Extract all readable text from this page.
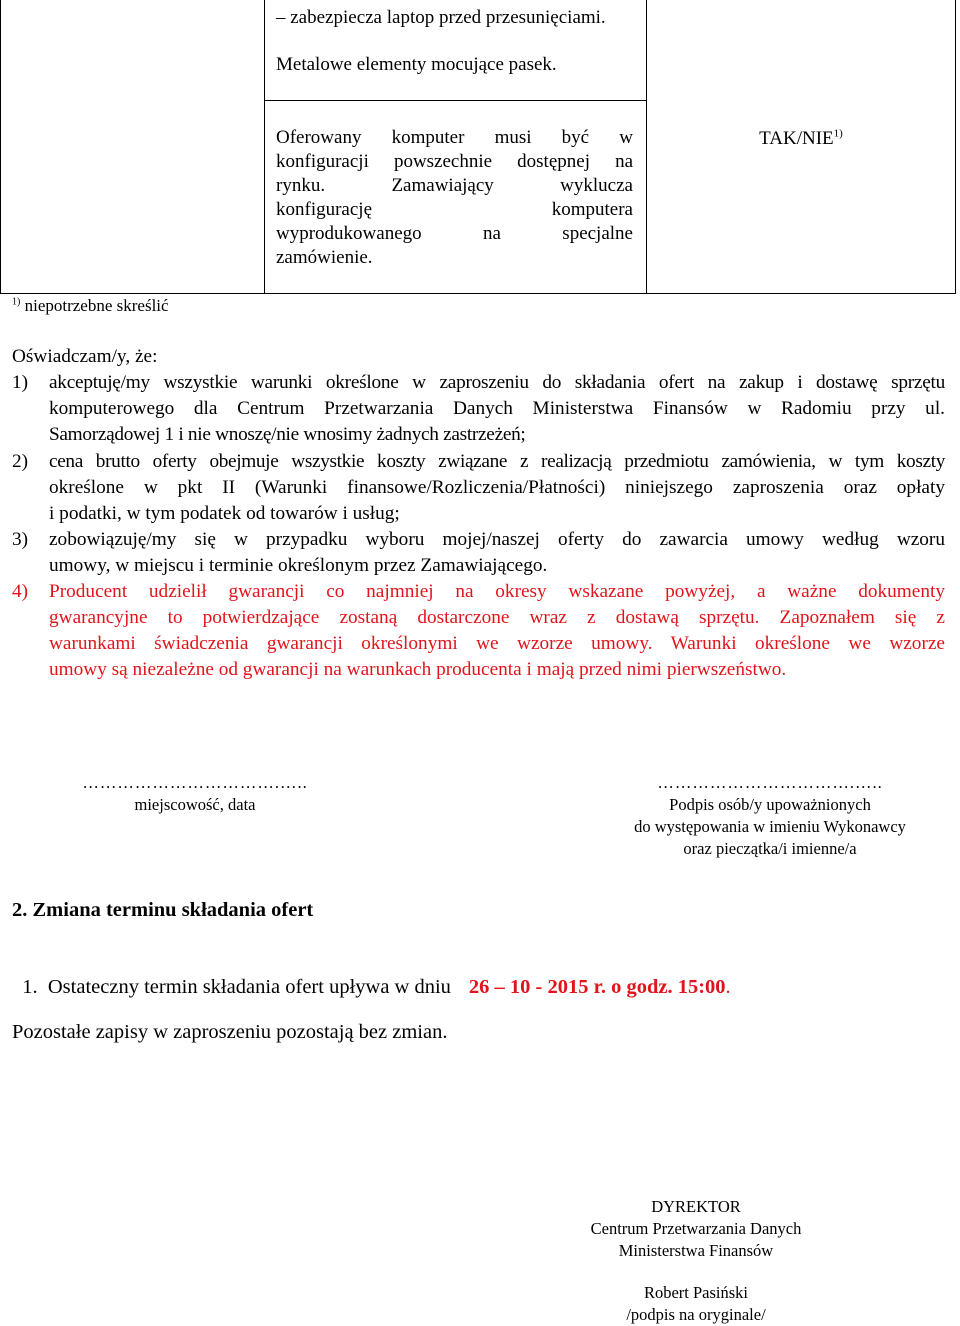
– zabezpiecza laptop przed przesunięciami.
Metalowe elementy mocujące pasek.
Oferowany komputer musi być w
konfiguracji powszechnie dostępnej na
rynku.	Zamawiający	wyklucza
konfigurację	komputera
wyprodukowanego	na	specjalne
zamówienie.
TAK/NIE$^{1)}$
$^{1)}$ niepotrzebne skreślić
Oświadczam/y, że:
1) akceptuję/my wszystkie warunki określone w zaproszeniu do składania ofert na zakup i dostawę sprzętu
komputerowego dla Centrum Przetwarzania Danych Ministerstwa Finansów w Radomiu przy ul.
Samorządowej 1 i nie wnoszę/nie wnosimy żadnych zastrzeżeń;
2) cena brutto oferty obejmuje wszystkie koszty związane z realizacją przedmiotu zamówienia, w tym koszty
określone w pkt II (Warunki finansowe/Rozliczenia/Płatności) niniejszego zaproszenia oraz opłaty
i podatki, w tym podatek od towarów i usług;
3) zobowiązuję/my się w przypadku wyboru mojej/naszej oferty do zawarcia umowy według wzoru
umowy, w miejscu i terminie określonym przez Zamawiającego.
4) Producent udzielił gwarancji co najmniej na okresy wskazane powyżej, a ważne dokumenty
gwarancyjne to potwierdzające zostaną dostarczone wraz z dostawą sprzętu. Zapoznałem się z
warunkami świadczenia gwarancji określonymi we wzorze umowy. Warunki określone we wzorze
umowy są niezależne od gwarancji na warunkach producenta i mają przed nimi pierwszeństwo.
…………………………….…..
miejscowość, data
…………………………….…..
Podpis osób/y upoważnionych
do występowania w imieniu Wykonawcy
oraz pieczątka/i imienne/a
2. Zmiana terminu składania ofert

1.  Ostateczny termin składania ofert upływa w dniu 26 – 10 - 2015 r. o godz. 15:00.

Pozostałe zapisy w zaproszeniu pozostają bez zmian.
DYREKTOR
Centrum Przetwarzania Danych
Ministerstwa Finansów
Robert Pasiński
/podpis na oryginale/
